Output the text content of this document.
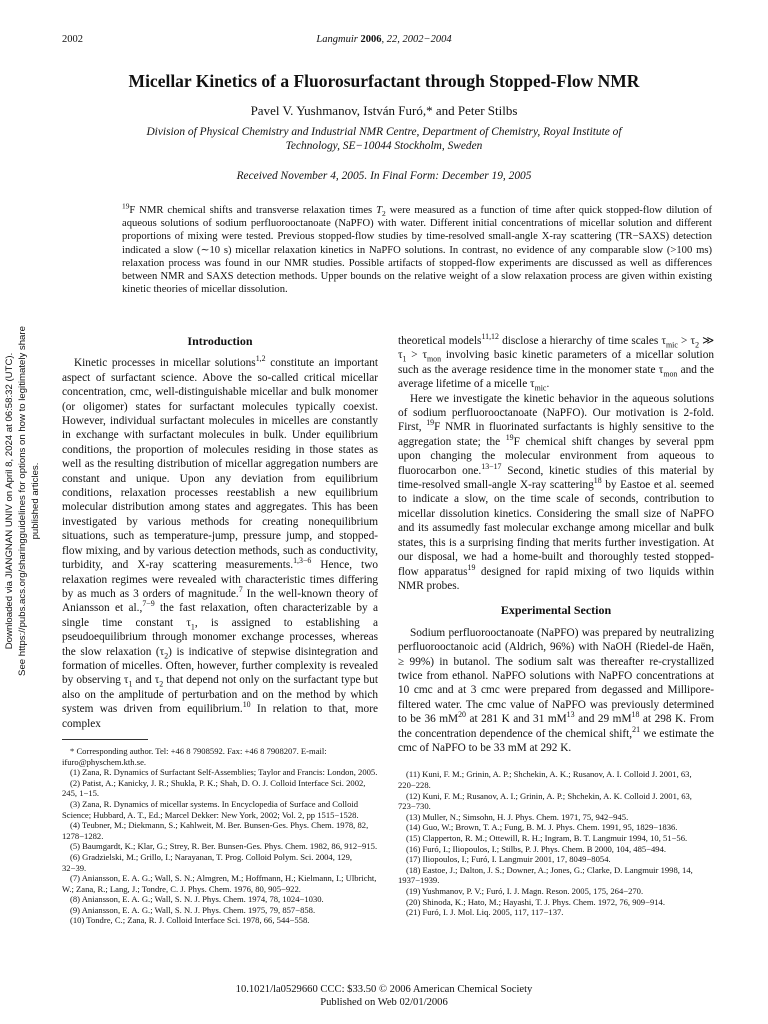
2002	Langmuir 2006, 22, 2002−2004
Downloaded via JIANGNAN UNIV on April 8, 2024 at 06:58:32 (UTC). See https://pubs.acs.org/sharingguidelines for options on how to legitimately share published articles.
Micellar Kinetics of a Fluorosurfactant through Stopped-Flow NMR
Pavel V. Yushmanov, István Furó,* and Peter Stilbs
Division of Physical Chemistry and Industrial NMR Centre, Department of Chemistry, Royal Institute of Technology, SE−10044 Stockholm, Sweden
Received November 4, 2005. In Final Form: December 19, 2005
$^{19}$F NMR chemical shifts and transverse relaxation times $T_2$ were measured as a function of time after quick stopped-flow dilution of aqueous solutions of sodium perfluorooctanoate (NaPFO) with water. Different initial concentrations of micellar solution and different proportions of mixing were tested. Previous stopped-flow studies by time-resolved small-angle X-ray scattering (TR−SAXS) detection indicated a slow (∼10 s) micellar relaxation kinetics in NaPFO solutions. In contrast, no evidence of any comparable slow (>100 ms) relaxation process was found in our NMR studies. Possible artifacts of stopped-flow experiments are discussed as well as differences between NMR and SAXS detection methods. Upper bounds on the relative weight of a slow relaxation process are given within existing kinetic theories of micellar dissolution.
Introduction

Kinetic processes in micellar solutions$^{1,2}$ constitute an important aspect of surfactant science. Above the so-called critical micellar concentration, cmc, well-distinguishable micellar and bulk monomer (or oligomer) states for surfactant molecules typically coexist. However, individual surfactant molecules in micelles are constantly in exchange with surfactant molecules in bulk. Under equilibrium conditions, the proportion of molecules residing in those states as well as the resulting distribution of micellar aggregation numbers are constant and unique. Upon any deviation from equilibrium conditions, relaxation processes reestablish a new equilibrium molecular distribution among states and aggregates. This has been investigated by various methods for creating nonequilibrium situations, such as temperature-jump, pressure jump, and stopped-flow mixing, and by various detection methods, such as conductivity, turbidity, and X-ray scattering measurements.$^{1,3-6}$ Hence, two relaxation regimes were revealed with characteristic times differing by as much as 3 orders of magnitude.$^7$ In the well-known theory of Aniansson et al.,$^{7-9}$ the fast relaxation, often characterizable by a single time constant $\tau_1$, is assigned to establishing a pseudoequilibrium through monomer exchange processes, whereas the slow relaxation $(\tau_2)$ is indicative of stepwise disintegration and formation of micelles. Often, however, further complexity is revealed by observing $\tau_1$ and $\tau_2$ that depend not only on the surfactant type but also on the amplitude of perturbation and on the method by which system was driven from equilibrium.$^{10}$ In relation to that, more complex

* Corresponding author. Tel: +46 8 7908592. Fax: +46 8 7908207. E-mail: ifuro@physchem.kth.se.
(1) Zana, R. Dynamics of Surfactant Self-Assemblies; Taylor and Francis: London, 2005.
(2) Patist, A.; Kanicky, J. R.; Shukla, P. K.; Shah, D. O. J. Colloid Interface Sci. 2002, 245, 1−15.
(3) Zana, R. Dynamics of micellar systems. In Encyclopedia of Surface and Colloid Science; Hubbard, A. T., Ed.; Marcel Dekker: New York, 2002; Vol. 2, pp 1515−1528.
(4) Teubner, M.; Diekmann, S.; Kahlweit, M. Ber. Bunsen-Ges. Phys. Chem. 1978, 82, 1278−1282.
(5) Baumgardt, K.; Klar, G.; Strey, R. Ber. Bunsen-Ges. Phys. Chem. 1982, 86, 912−915.
(6) Gradzielski, M.; Grillo, I.; Narayanan, T. Prog. Colloid Polym. Sci. 2004, 129, 32−39.
(7) Aniansson, E. A. G.; Wall, S. N.; Almgren, M.; Hoffmann, H.; Kielmann, I.; Ulbricht, W.; Zana, R.; Lang, J.; Tondre, C. J. Phys. Chem. 1976, 80, 905−922.
(8) Aniansson, E. A. G.; Wall, S. N. J. Phys. Chem. 1974, 78, 1024−1030.
(9) Aniansson, E. A. G.; Wall, S. N. J. Phys. Chem. 1975, 79, 857−858.
(10) Tondre, C.; Zana, R. J. Colloid Interface Sci. 1978, 66, 544−558.

theoretical models$^{11,12}$ disclose a hierarchy of time scales $\tau_{mic} > \tau_2$ ≫ $\tau_1 > \tau_{mon}$ involving basic kinetic parameters of a micellar solution such as the average residence time in the monomer state $\tau_{mon}$ and the average lifetime of a micelle $\tau_{mic}$.

Here we investigate the kinetic behavior in the aqueous solutions of sodium perfluorooctanoate (NaPFO). Our motivation is 2-fold. First, $^{19}$F NMR in fluorinated surfactants is highly sensitive to the aggregation state; the $^{19}$F chemical shift changes by several ppm upon changing the molecular environment from aqueous to fluorocarbon one.$^{13-17}$ Second, kinetic studies of this material by time-resolved small-angle X-ray scattering$^{18}$ by Eastoe et al. seemed to indicate a slow, on the time scale of seconds, contribution to micellar dissolution kinetics. Considering the small size of NaPFO and its assumedly fast molecular exchange among micellar and bulk states, this is a surprising finding that merits further investigation. At our disposal, we had a home-built and thoroughly tested stopped-flow apparatus$^{19}$ designed for rapid mixing of two liquids within NMR probes.

Experimental Section

Sodium perfluorooctanoate (NaPFO) was prepared by neutralizing perfluorooctanoic acid (Aldrich, 96%) with NaOH (Riedel-de Haën, ≥ 99%) in butanol. The sodium salt was thereafter re-crystallized twice from ethanol. NaPFO solutions with NaPFO concentrations at 10 cmc and at 3 cmc were prepared from degassed and Millipore-filtered water. The cmc value of NaPFO was previously determined to be 36 $mM^{20}$ at 281 K and 31 $mM^{13}$ and 29 $mM^{18}$ at 298 K. From the concentration dependence of the chemical shift,$^{21}$ we estimate the cmc of NaPFO to be 33 mM at 292 K.

(11) Kuni, F. M.; Grinin, A. P.; Shchekin, A. K.; Rusanov, A. I. Colloid J. 2001, 63, 220−228.
(12) Kuni, F. M.; Rusanov, A. I.; Grinin, A. P.; Shchekin, A. K. Colloid J. 2001, 63, 723−730.
(13) Muller, N.; Simsohn, H. J. Phys. Chem. 1971, 75, 942−945.
(14) Guo, W.; Brown, T. A.; Fung, B. M. J. Phys. Chem. 1991, 95, 1829−1836.
(15) Clapperton, R. M.; Ottewill, R. H.; Ingram, B. T. Langmuir 1994, 10, 51−56.
(16) Furó, I.; Iliopoulos, I.; Stilbs, P. J. Phys. Chem. B 2000, 104, 485−494.
(17) Iliopoulos, I.; Furó, I. Langmuir 2001, 17, 8049−8054.
(18) Eastoe, J.; Dalton, J. S.; Downer, A.; Jones, G.; Clarke, D. Langmuir 1998, 14, 1937−1939.
(19) Yushmanov, P. V.; Furó, I. J. Magn. Reson. 2005, 175, 264−270.
(20) Shinoda, K.; Hato, M.; Hayashi, T. J. Phys. Chem. 1972, 76, 909−914.
(21) Furó, I. J. Mol. Liq. 2005, 117, 117−137.
10.1021/la0529660 CCC: $33.50 © 2006 American Chemical Society
Published on Web 02/01/2006
